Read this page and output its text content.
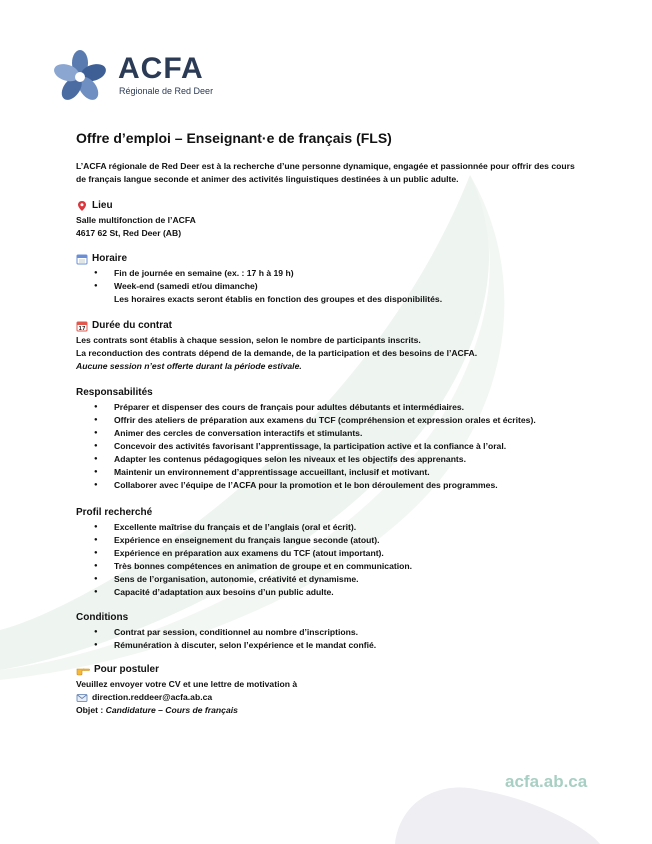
ACFA
Régionale de Red Deer
Offre d’emploi – Enseignant·e de français (FLS)
L’ACFA régionale de Red Deer est à la recherche d’une personne dynamique, engagée et passionnée pour offrir des cours de français langue seconde et animer des activités linguistiques destinées à un public adulte.
Lieu
Salle multifonction de l’ACFA
4617 62 St, Red Deer (AB)
Horaire
● Fin de journée en semaine (ex. : 17 h à 19 h)
● Week-end (samedi et/ou dimanche)
Les horaires exacts seront établis en fonction des groupes et des disponibilités.
17 Durée du contrat
Les contrats sont établis à chaque session, selon le nombre de participants inscrits.
La reconduction des contrats dépend de la demande, de la participation et des besoins de l’ACFA.
Aucune session n’est offerte durant la période estivale.
Responsabilités
● Préparer et dispenser des cours de français pour adultes débutants et intermédiaires.
● Offrir des ateliers de préparation aux examens du TCF (compréhension et expression orales et écrites).
● Animer des cercles de conversation interactifs et stimulants.
● Concevoir des activités favorisant l’apprentissage, la participation active et la confiance à l’oral.
● Adapter les contenus pédagogiques selon les niveaux et les objectifs des apprenants.
● Maintenir un environnement d’apprentissage accueillant, inclusif et motivant.
● Collaborer avec l’équipe de l’ACFA pour la promotion et le bon déroulement des programmes.
Profil recherché
● Excellente maîtrise du français et de l’anglais (oral et écrit).
● Expérience en enseignement du français langue seconde (atout).
● Expérience en préparation aux examens du TCF (atout important).
● Très bonnes compétences en animation de groupe et en communication.
● Sens de l’organisation, autonomie, créativité et dynamisme.
● Capacité d’adaptation aux besoins d’un public adulte.
Conditions
● Contrat par session, conditionnel au nombre d’inscriptions.
● Rémunération à discuter, selon l’expérience et le mandat confié.
Pour postuler
Veuillez envoyer votre CV et une lettre de motivation à
direction.reddeer@acfa.ab.ca
Objet : Candidature – Cours de français
acfa.ab.ca
